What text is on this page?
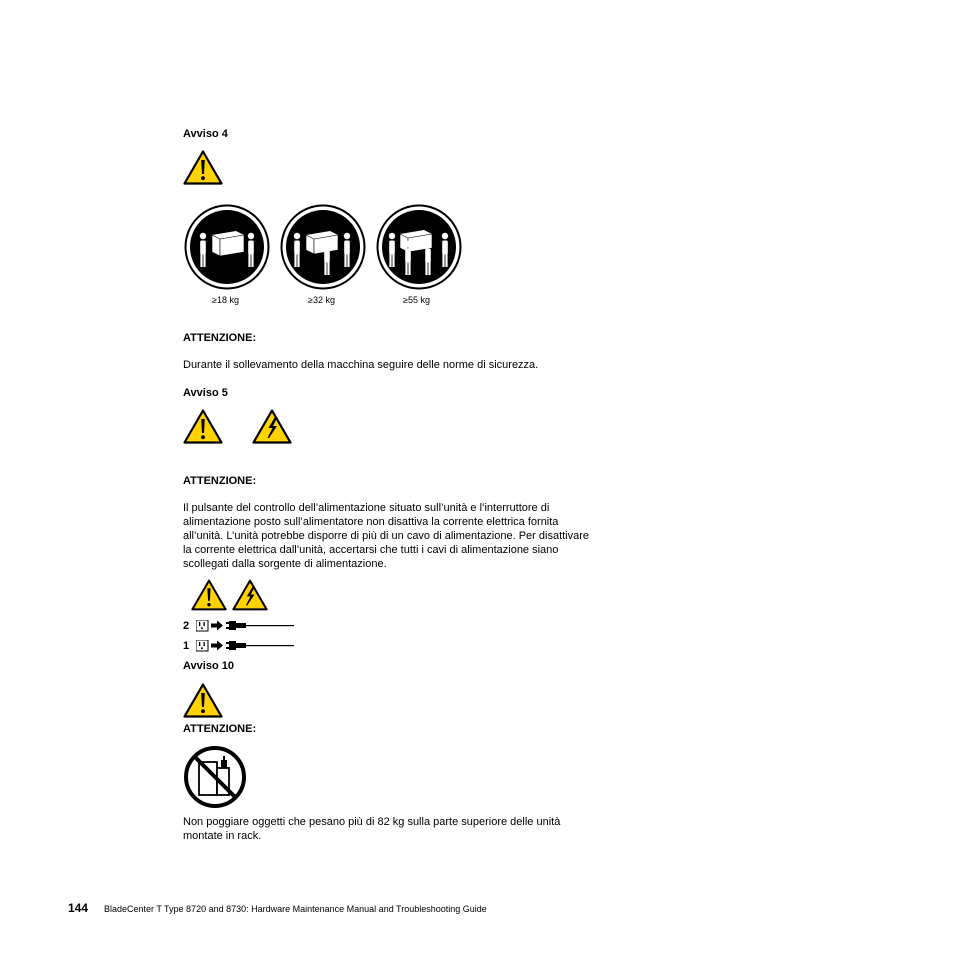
Avviso 4
≥18 kg	≥32 kg	≥55 kg
ATTENZIONE:
Durante il sollevamento della macchina seguire delle norme di sicurezza.
Avviso 5
ATTENZIONE:
Il pulsante del controllo dell’alimentazione situato sull’unità e l’interruttore di
alimentazione posto sull’alimentatore non disattiva la corrente elettrica fornita
all’unità. L’unità potrebbe disporre di più di un cavo di alimentazione. Per disattivare
la corrente elettrica dall’unità, accertarsi che tutti i cavi di alimentazione siano
scollegati dalla sorgente di alimentazione.
2
1
Avviso 10
ATTENZIONE:
Non poggiare oggetti che pesano più di 82 kg sulla parte superiore delle unità
montate in rack.
144 BladeCenter T Type 8720 and 8730: Hardware Maintenance Manual and Troubleshooting Guide
